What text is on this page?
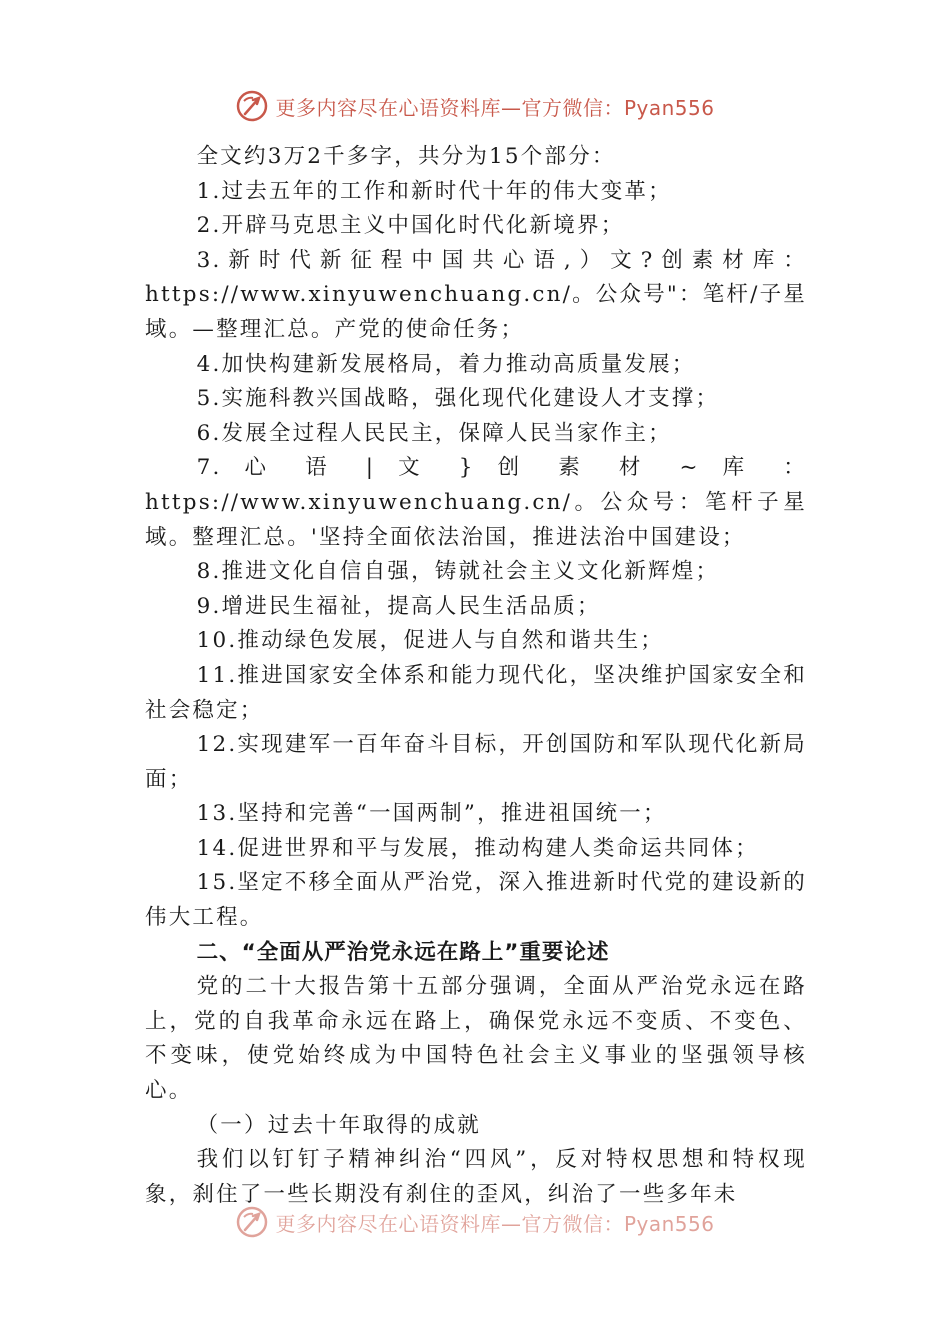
更多内容尽在心语资料库—官方微信：Pyan556

全文约3万2千多字，共分为15个部分：

1.过去五年的工作和新时代十年的伟大变革；

2.开辟马克思主义中国化时代化新境界；

3.新时代新征程中国共心语,）文?创素材库：https://www.xinyuwenchuang.cn/。公众号"：笔杆/子星域。—整理汇总。产党的使命任务；

4.加快构建新发展格局，着力推动高质量发展；

5.实施科教兴国战略，强化现代化建设人才支撑；

6.发展全过程人民民主，保障人民当家作主；

7. 心 语 | 文 } 创 素 材 ~ 库 ： https://www.xinyuwenchuang.cn/。公众号：笔杆子星域。整理汇总。'坚持全面依法治国，推进法治中国建设；

8.推进文化自信自强，铸就社会主义文化新辉煌；

9.增进民生福祉，提高人民生活品质；

10.推动绿色发展，促进人与自然和谐共生；

11.推进国家安全体系和能力现代化，坚决维护国家安全和社会稳定；

12.实现建军一百年奋斗目标，开创国防和军队现代化新局面；

13.坚持和完善“一国两制”，推进祖国统一；

14.促进世界和平与发展，推动构建人类命运共同体；

15.坚定不移全面从严治党，深入推进新时代党的建设新的伟大工程。

二、“全面从严治党永远在路上”重要论述

党的二十大报告第十五部分强调，全面从严治党永远在路上，党的自我革命永远在路上，确保党永远不变质、不变色、不变味，使党始终成为中国特色社会主义事业的坚强领导核心。

（一）过去十年取得的成就

我们以钉钉子精神纠治“四风”，反对特权思想和特权现象，刹住了一些长期没有刹住的歪风，纠治了一些多年未

更多内容尽在心语资料库—官方微信：Pyan556
